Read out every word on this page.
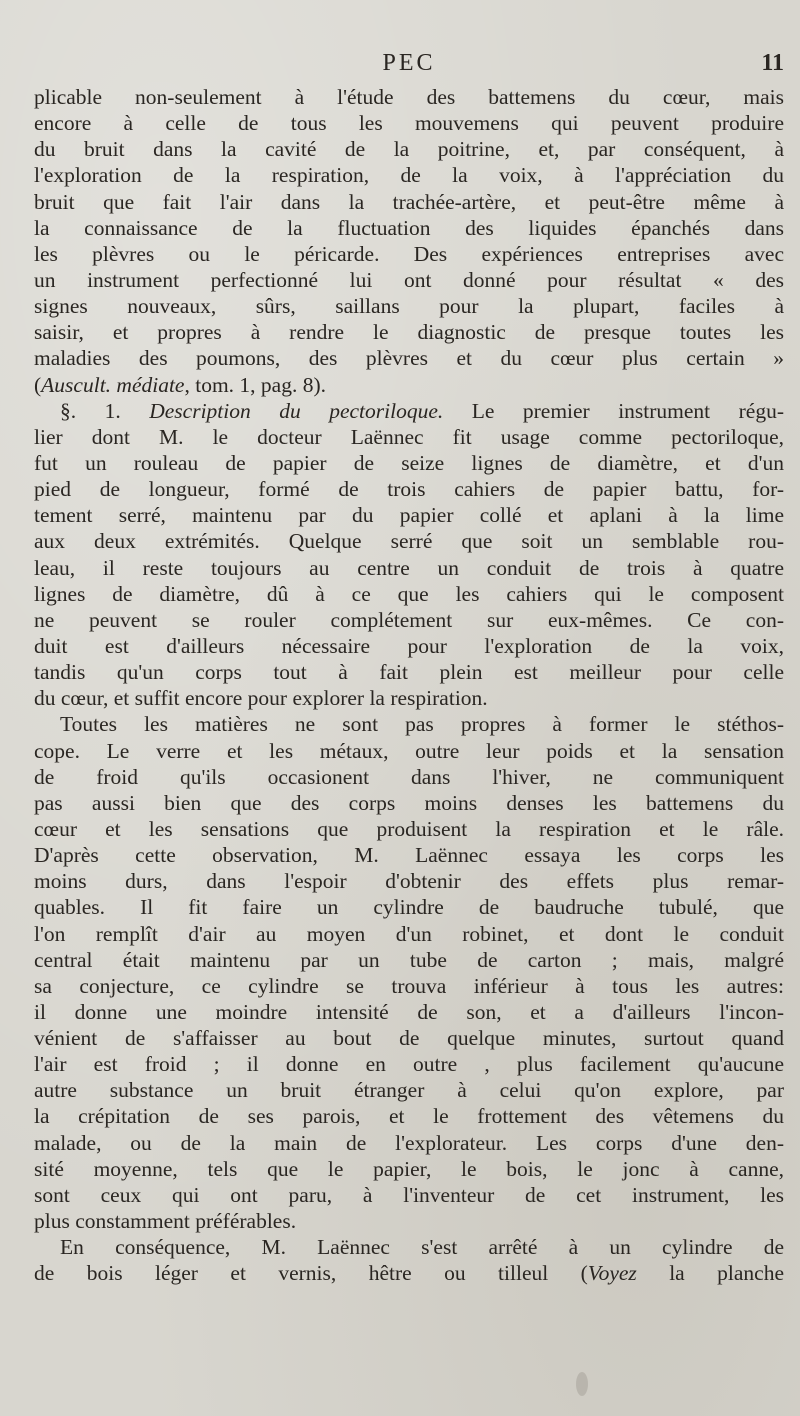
PEC	11
plicable non-seulement à l'étude des battemens du cœur, mais
encore à celle de tous les mouvemens qui peuvent produire
du bruit dans la cavité de la poitrine, et, par conséquent, à
l'exploration de la respiration, de la voix, à l'appréciation du
bruit que fait l'air dans la trachée-artère, et peut-être même à
la connaissance de la fluctuation des liquides épanchés dans
les plèvres ou le péricarde. Des expériences entreprises avec
un instrument perfectionné lui ont donné pour résultat « des
signes nouveaux, sûrs, saillans pour la plupart, faciles à
saisir, et propres à rendre le diagnostic de presque toutes les
maladies des poumons, des plèvres et du cœur plus certain »
(Auscult. médiate, tom. 1, pag. 8).
§. 1. Description du pectoriloque. Le premier instrument régu-
lier dont M. le docteur Laënnec fit usage comme pectoriloque,
fut un rouleau de papier de seize lignes de diamètre, et d'un
pied de longueur, formé de trois cahiers de papier battu, for-
tement serré, maintenu par du papier collé et aplani à la lime
aux deux extrémités. Quelque serré que soit un semblable rou-
leau, il reste toujours au centre un conduit de trois à quatre
lignes de diamètre, dû à ce que les cahiers qui le composent
ne peuvent se rouler complétement sur eux-mêmes. Ce con-
duit est d'ailleurs nécessaire pour l'exploration de la voix,
tandis qu'un corps tout à fait plein est meilleur pour celle
du cœur, et suffit encore pour explorer la respiration.
Toutes les matières ne sont pas propres à former le stéthos-
cope. Le verre et les métaux, outre leur poids et la sensation
de froid qu'ils occasionent dans l'hiver, ne communiquent
pas aussi bien que des corps moins denses les battemens du
cœur et les sensations que produisent la respiration et le râle.
D'après cette observation, M. Laënnec essaya les corps les
moins durs, dans l'espoir d'obtenir des effets plus remar-
quables. Il fit faire un cylindre de baudruche tubulé, que
l'on remplît d'air au moyen d'un robinet, et dont le conduit
central était maintenu par un tube de carton ; mais, malgré
sa conjecture, ce cylindre se trouva inférieur à tous les autres:
il donne une moindre intensité de son, et a d'ailleurs l'incon-
vénient de s'affaisser au bout de quelque minutes, surtout quand
l'air est froid ; il donne en outre , plus facilement qu'aucune
autre substance un bruit étranger à celui qu'on explore, par
la crépitation de ses parois, et le frottement des vêtemens du
malade, ou de la main de l'explorateur. Les corps d'une den-
sité moyenne, tels que le papier, le bois, le jonc à canne,
sont ceux qui ont paru, à l'inventeur de cet instrument, les
plus constamment préférables.
En conséquence, M. Laënnec s'est arrêté à un cylindre de
de bois léger et vernis, hêtre ou tilleul (Voyez la planche
